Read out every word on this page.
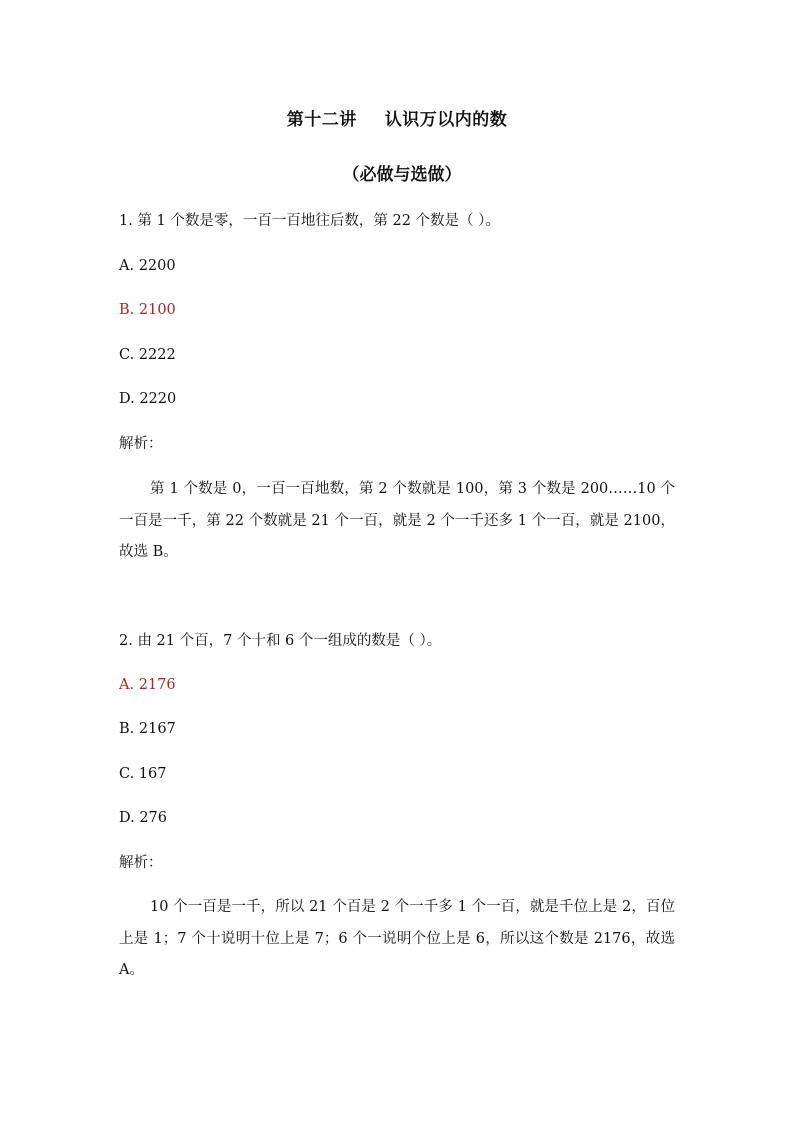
第十二讲 认识万以内的数
（必做与选做）
1. 第 1 个数是零，一百一百地往后数，第 22 个数是（ ）。
A. 2200
B. 2100
C. 2222
D. 2220
解析：
第 1 个数是 0，一百一百地数，第 2 个数就是 100，第 3 个数是 200……10 个一百是一千，第 22 个数就是 21 个一百，就是 2 个一千还多 1 个一百，就是 2100，故选 B。
2. 由 21 个百，7 个十和 6 个一组成的数是（ ）。
A. 2176
B. 2167
C. 167
D. 276
解析：
10 个一百是一千，所以 21 个百是 2 个一千多 1 个一百，就是千位上是 2，百位上是 1；7 个十说明十位上是 7；6 个一说明个位上是 6，所以这个数是 2176，故选 A。
